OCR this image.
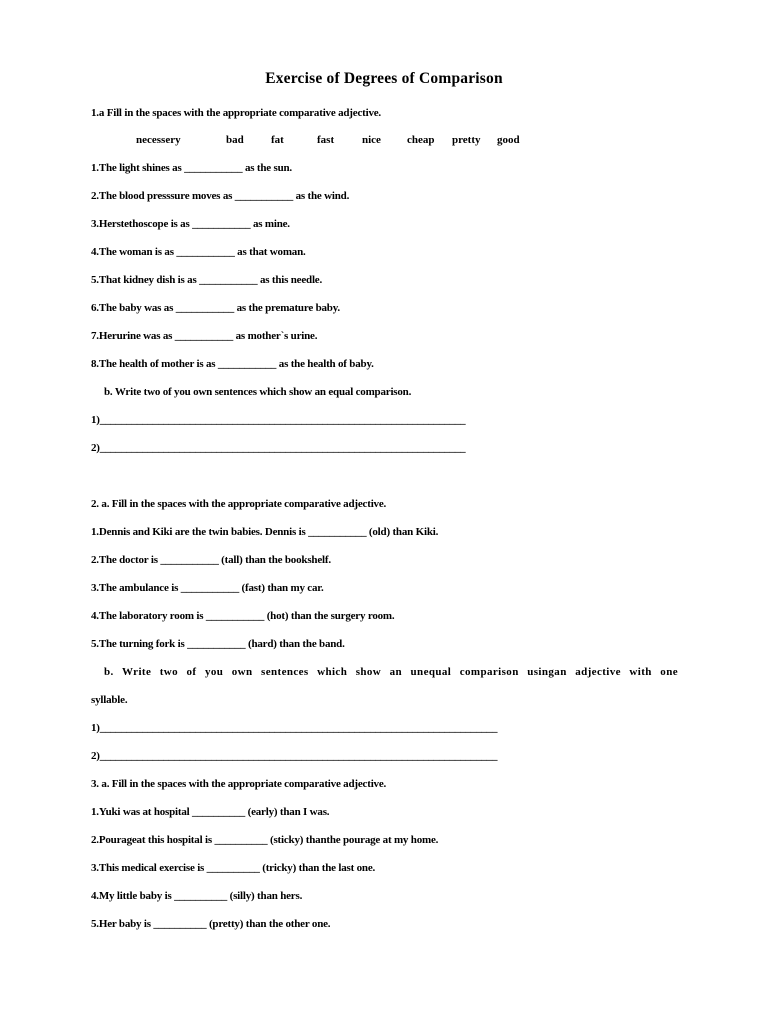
Exercise of Degrees of Comparison
1.a Fill in the spaces with the appropriate comparative adjective.
necessery	bad fat	fast	nice cheap pretty good
1.The light shines as ___________ as the sun.
2.The blood presssure moves as ___________ as the wind.
3.Herstethoscope is as ___________ as mine.
4.The woman is as ___________ as that woman.
5.That kidney dish is as ___________ as this needle.
6.The baby was as ___________ as the premature baby.
7.Herurine was as ___________ as mother`s urine.
8.The health of mother is as ___________ as the health of baby.
b. Write two of you own sentences which show an equal comparison.
1)_____________________________________________________________________
2)_____________________________________________________________________
2. a. Fill in the spaces with the appropriate comparative adjective.
1.Dennis and Kiki are the twin babies. Dennis is ___________ (old) than Kiki.
2.The doctor is ___________ (tall) than the bookshelf.
3.The ambulance is ___________ (fast) than my car.
4.The laboratory room is ___________ (hot) than the surgery room.
5.The turning fork is ___________ (hard) than the band.
b. Write two of you own sentences which show an unequal comparison usingan adjective with one
syllable.
1)___________________________________________________________________________
2)___________________________________________________________________________
3. a. Fill in the spaces with the appropriate comparative adjective.
1.Yuki was at hospital __________ (early) than I was.
2.Pourageat this hospital is __________ (sticky) thanthe pourage at my home.
3.This medical exercise is __________ (tricky) than the last one.
4.My little baby is __________ (silly) than hers.
5.Her baby is __________ (pretty) than the other one.
